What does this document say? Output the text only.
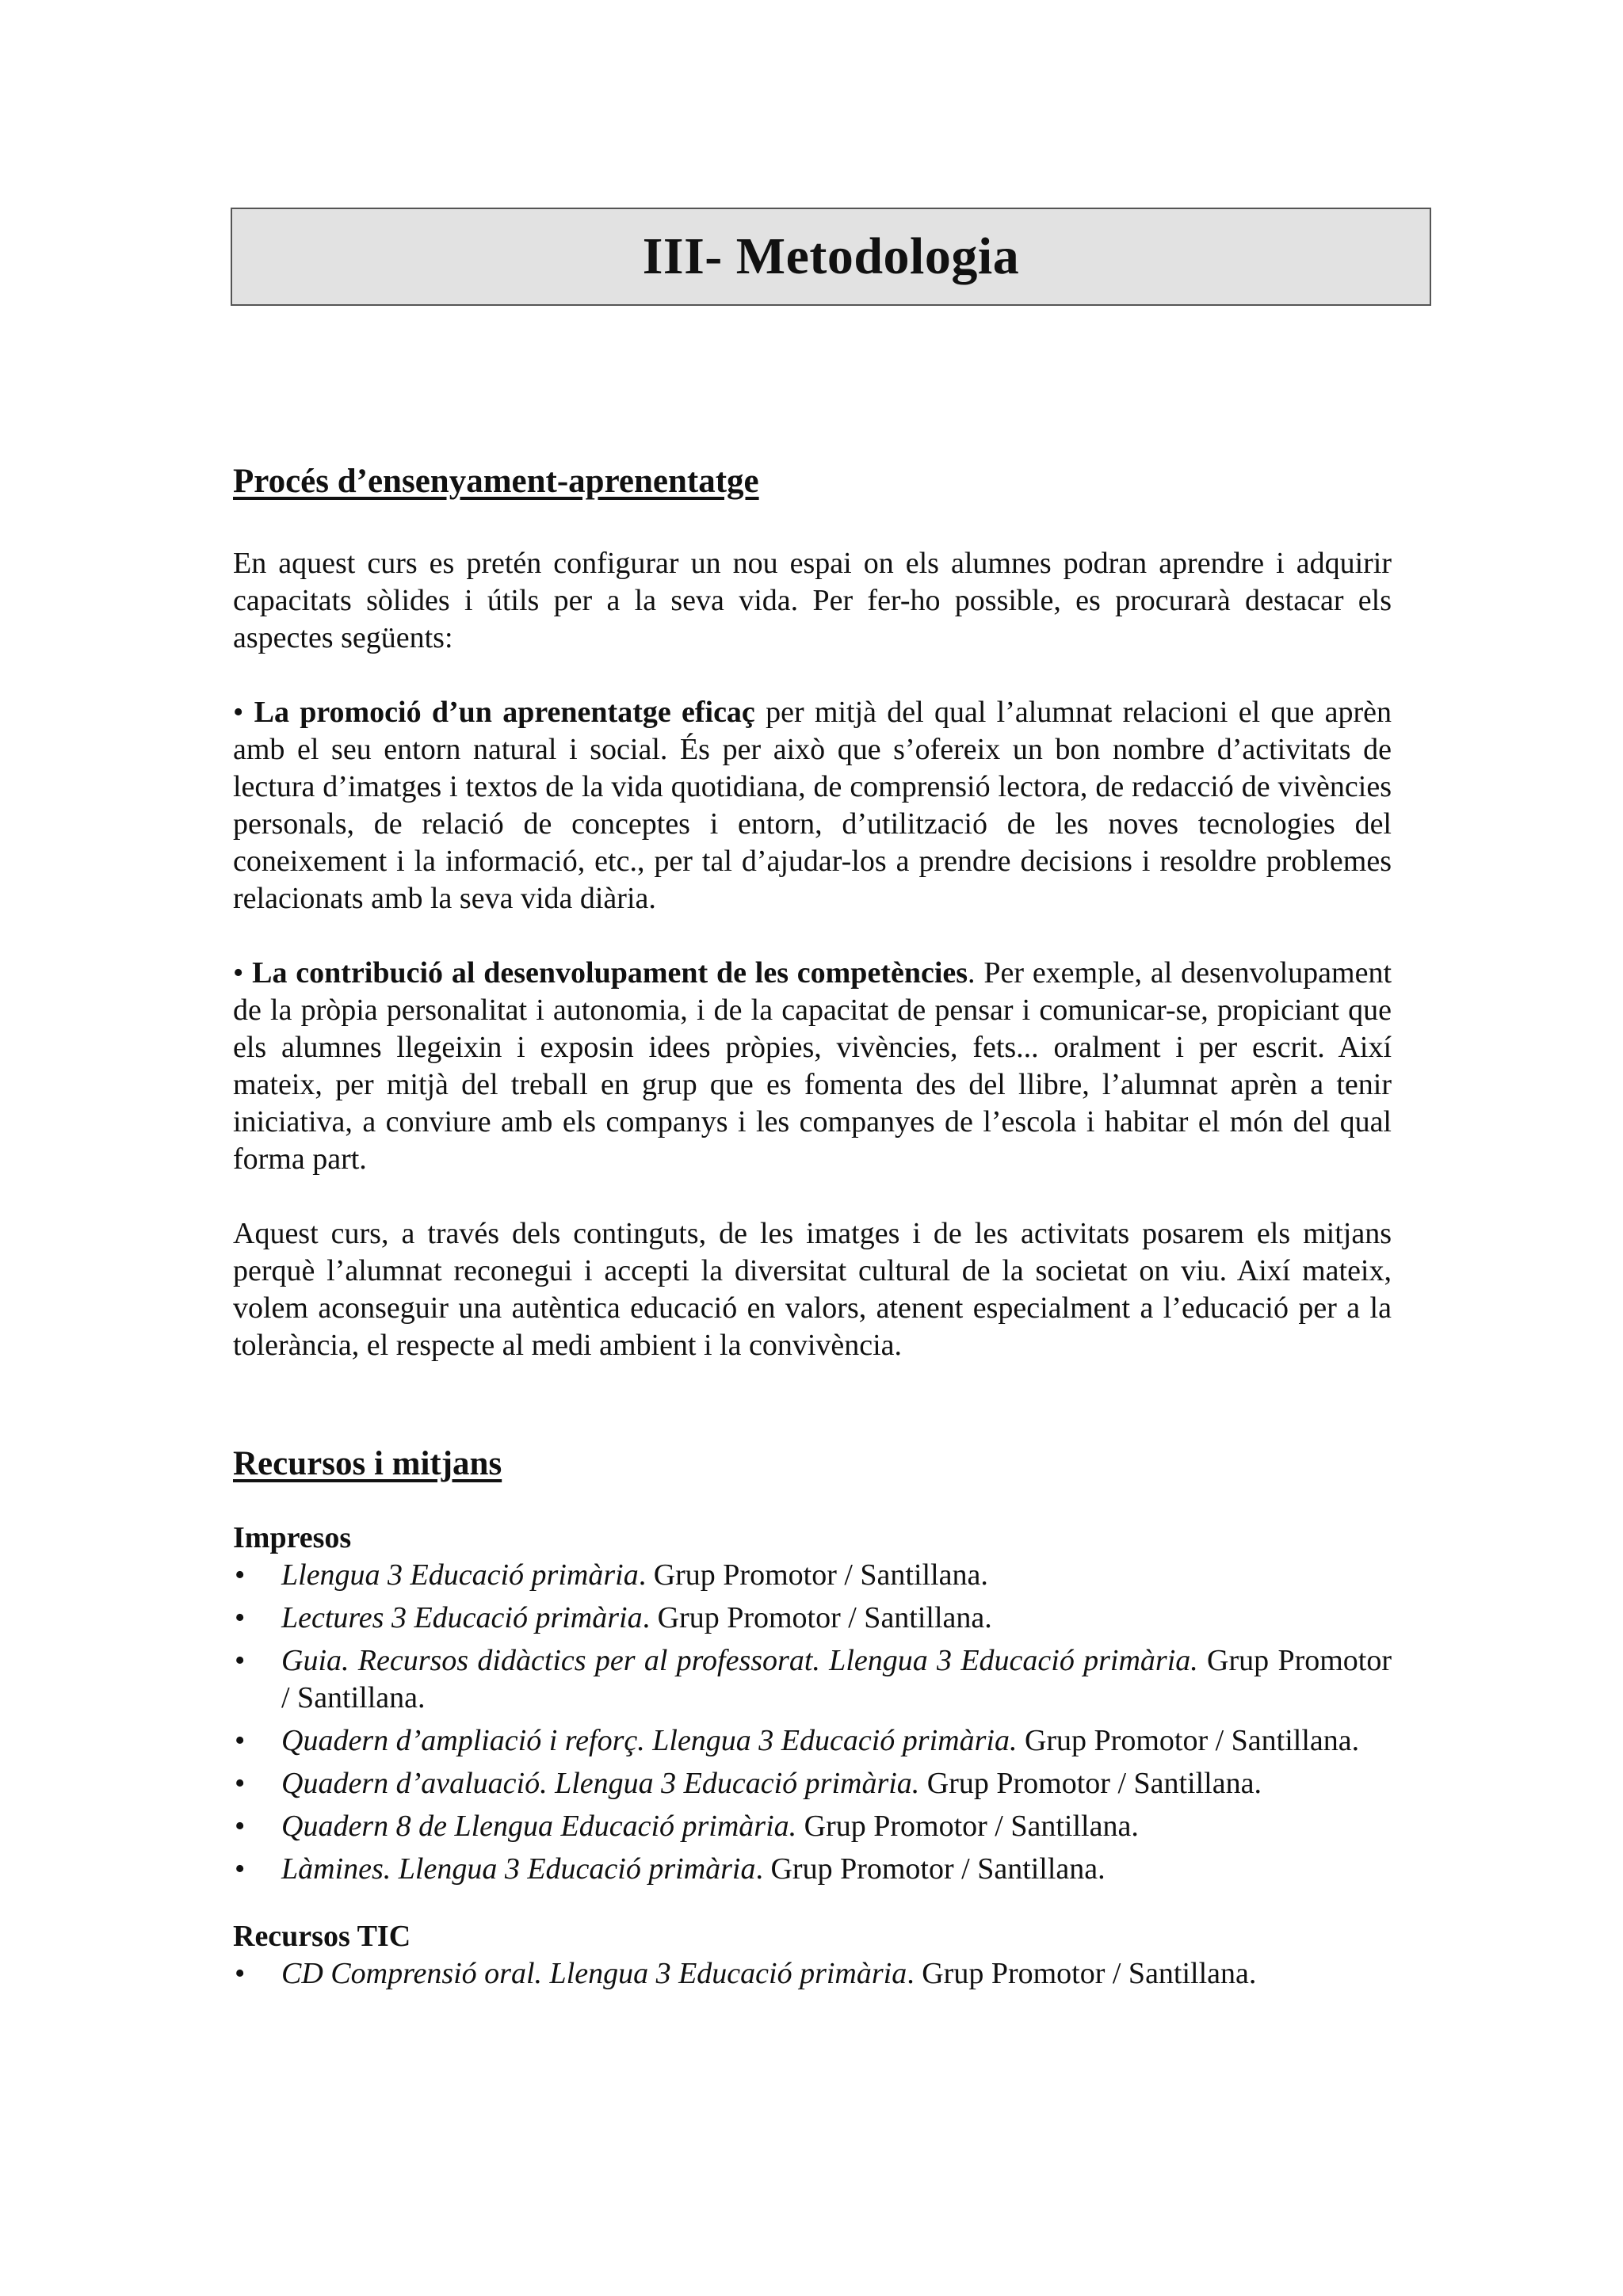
III- Metodologia
Procés d’ensenyament-aprenentatge

En aquest curs es pretén configurar un nou espai on els alumnes podran aprendre i adquirir capacitats sòlides i útils per a la seva vida. Per fer-ho possible, es procurarà destacar els aspectes següents:

• La promoció d’un aprenentatge eficaç per mitjà del qual l’alumnat relacioni el que aprèn amb el seu entorn natural i social. És per això que s’ofereix un bon nombre d’activitats de lectura d’imatges i textos de la vida quotidiana, de comprensió lectora, de redacció de vivències personals, de relació de conceptes i entorn, d’utilització de les noves tecnologies del coneixement i la informació, etc., per tal d’ajudar-los a prendre decisions i resoldre problemes relacionats amb la seva vida diària.

• La contribució al desenvolupament de les competències. Per exemple, al desenvolupament de la pròpia personalitat i autonomia, i de la capacitat de pensar i comunicar-se, propiciant que els alumnes llegeixin i exposin idees pròpies, vivències, fets... oralment i per escrit. Així mateix, per mitjà del treball en grup que es fomenta des del llibre, l’alumnat aprèn a tenir iniciativa, a conviure amb els companys i les companyes de l’escola i habitar el món del qual forma part.

Aquest curs, a través dels continguts, de les imatges i de les activitats posarem els mitjans perquè l’alumnat reconegui i accepti la diversitat cultural de la societat on viu. Així mateix, volem aconseguir una autèntica educació en valors, atenent especialment a l’educació per a la tolerància, el respecte al medi ambient i la convivència.

Recursos i mitjans
Impresos
• Llengua 3 Educació primària. Grup Promotor / Santillana.
• Lectures 3 Educació primària. Grup Promotor / Santillana.
• Guia. Recursos didàctics per al professorat. Llengua 3 Educació primària. Grup Promotor / Santillana.
• Quadern d’ampliació i reforç. Llengua 3 Educació primària. Grup Promotor / Santillana.
• Quadern d’avaluació. Llengua 3 Educació primària. Grup Promotor / Santillana.
• Quadern 8 de Llengua Educació primària. Grup Promotor / Santillana.
• Làmines. Llengua 3 Educació primària. Grup Promotor / Santillana.
Recursos TIC
• CD Comprensió oral. Llengua 3 Educació primària. Grup Promotor / Santillana.
